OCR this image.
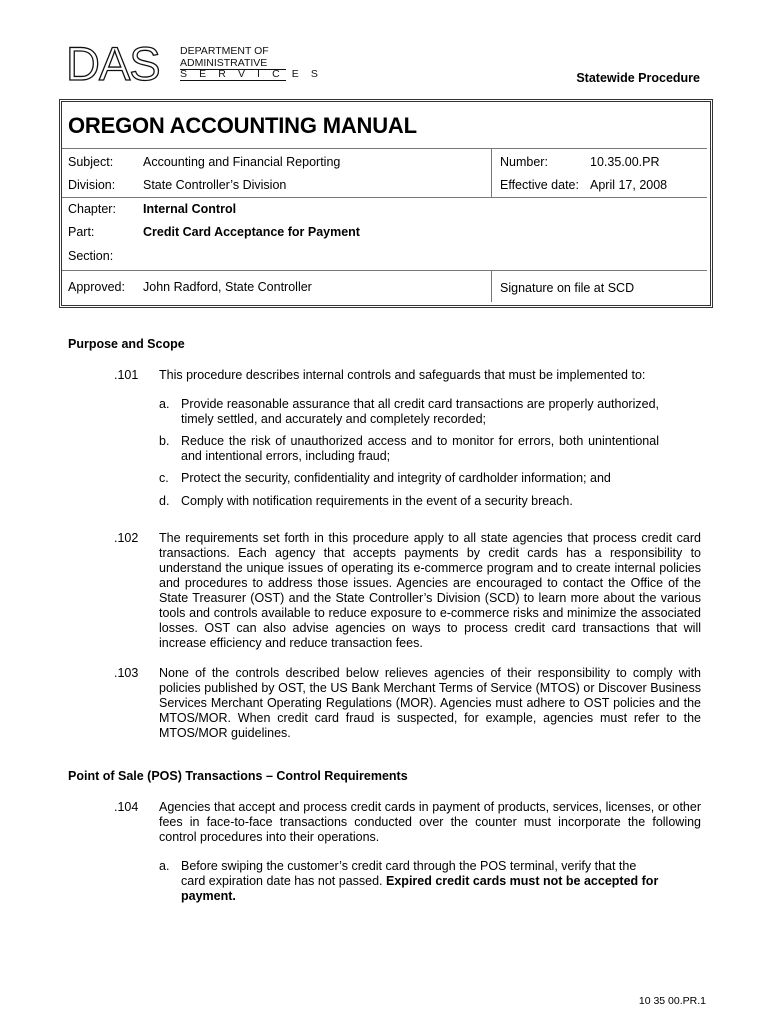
DAS DEPARTMENT OF
ADMINISTRATIVE
S E R V I C E S	Statewide Procedure
OREGON ACCOUNTING MANUAL
Subject: Accounting and Financial Reporting	Number:	10.35.00.PR
Division: State Controller’s Division	Effective date: April 17, 2008
Chapter: Internal Control
Part:	Credit Card Acceptance for Payment
Section:
Approved: John Radford, State Controller	Signature on file at SCD
Purpose and Scope
.101 This procedure describes internal controls and safeguards that must be implemented to:
a. Provide reasonable assurance that all credit card transactions are properly authorized, timely settled, and accurately and completely recorded;
b. Reduce the risk of unauthorized access and to monitor for errors, both unintentional and intentional errors, including fraud;
c. Protect the security, confidentiality and integrity of cardholder information; and
d. Comply with notification requirements in the event of a security breach.
.102 The requirements set forth in this procedure apply to all state agencies that process credit card transactions. Each agency that accepts payments by credit cards has a responsibility to understand the unique issues of operating its e-commerce program and to create internal policies and procedures to address those issues. Agencies are encouraged to contact the Office of the State Treasurer (OST) and the State Controller’s Division (SCD) to learn more about the various tools and controls available to reduce exposure to e-commerce risks and minimize the associated losses. OST can also advise agencies on ways to process credit card transactions that will increase efficiency and reduce transaction fees.
.103 None of the controls described below relieves agencies of their responsibility to comply with policies published by OST, the US Bank Merchant Terms of Service (MTOS) or Discover Business Services Merchant Operating Regulations (MOR). Agencies must adhere to OST policies and the MTOS/MOR. When credit card fraud is suspected, for example, agencies must refer to the MTOS/MOR guidelines.
Point of Sale (POS) Transactions – Control Requirements
.104 Agencies that accept and process credit cards in payment of products, services, licenses, or other fees in face-to-face transactions conducted over the counter must incorporate the following control procedures into their operations.
a. Before swiping the customer’s credit card through the POS terminal, verify that the card expiration date has not passed. Expired credit cards must not be accepted for payment.
10 35 00.PR.1
